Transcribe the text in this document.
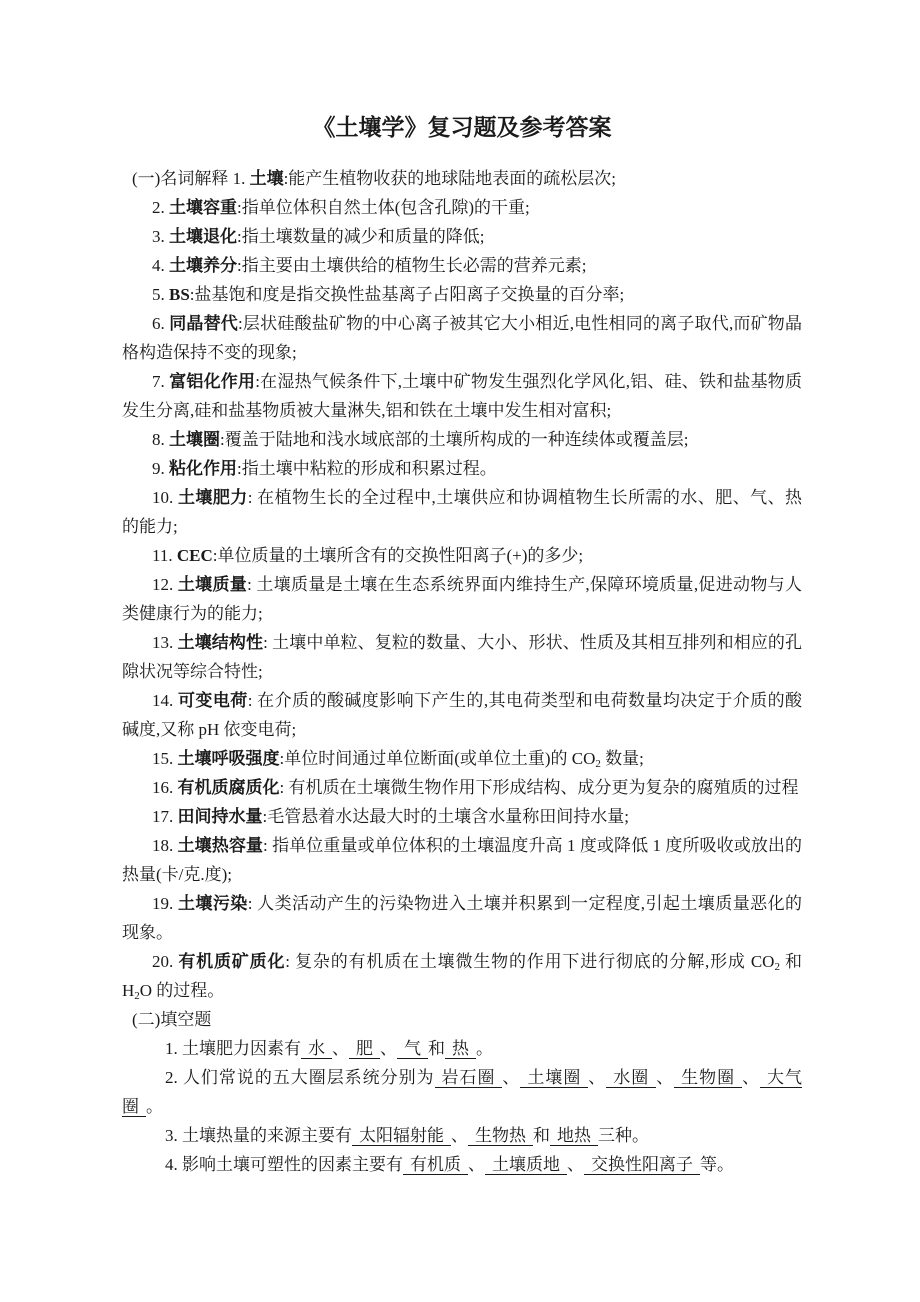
《土壤学》复习题及参考答案

(一)名词解释 1. 土壤:能产生植物收获的地球陆地表面的疏松层次;

2. 土壤容重:指单位体积自然土体(包含孔隙)的干重;

3. 土壤退化:指土壤数量的减少和质量的降低;

4. 土壤养分:指主要由土壤供给的植物生长必需的营养元素;

5. BS:盐基饱和度是指交换性盐基离子占阳离子交换量的百分率;

6. 同晶替代:层状硅酸盐矿物的中心离子被其它大小相近,电性相同的离子取代,而矿物晶格构造保持不变的现象;

7. 富铝化作用:在湿热气候条件下,土壤中矿物发生强烈化学风化,铝、硅、铁和盐基物质发生分离,硅和盐基物质被大量淋失,铝和铁在土壤中发生相对富积;

8. 土壤圈:覆盖于陆地和浅水域底部的土壤所构成的一种连续体或覆盖层;

9. 粘化作用:指土壤中粘粒的形成和积累过程。

10. 土壤肥力: 在植物生长的全过程中,土壤供应和协调植物生长所需的水、肥、气、热的能力;

11. CEC:单位质量的土壤所含有的交换性阳离子(+)的多少;

12. 土壤质量: 土壤质量是土壤在生态系统界面内维持生产,保障环境质量,促进动物与人类健康行为的能力;

13. 土壤结构性: 土壤中单粒、复粒的数量、大小、形状、性质及其相互排列和相应的孔隙状况等综合特性;

14. 可变电荷: 在介质的酸碱度影响下产生的,其电荷类型和电荷数量均决定于介质的酸碱度,又称 pH 依变电荷;

15. 土壤呼吸强度:单位时间通过单位断面(或单位土重)的 $CO_2$ 数量;

16. 有机质腐质化: 有机质在土壤微生物作用下形成结构、成分更为复杂的腐殖质的过程

17. 田间持水量:毛管悬着水达最大时的土壤含水量称田间持水量;

18. 土壤热容量: 指单位重量或单位体积的土壤温度升高 1 度或降低 1 度所吸收或放出的热量(卡/克.度);

19. 土壤污染: 人类活动产生的污染物进入土壤并积累到一定程度,引起土壤质量恶化的现象。

20. 有机质矿质化: 复杂的有机质在土壤微生物的作用下进行彻底的分解,形成 $CO_2$ 和 $H_2O$ 的过程。

(二)填空题

1. 土壤肥力因素有 水 、 肥 、 气 和 热 。

2. 人们常说的五大圈层系统分别为 岩石圈 、 土壤圈 、 水圈 、 生物圈 、 大气圈 。

3. 土壤热量的来源主要有 太阳辐射能 、 生物热 和 地热 三种。

4. 影响土壤可塑性的因素主要有 有机质 、 土壤质地 、 交换性阳离子 等。
